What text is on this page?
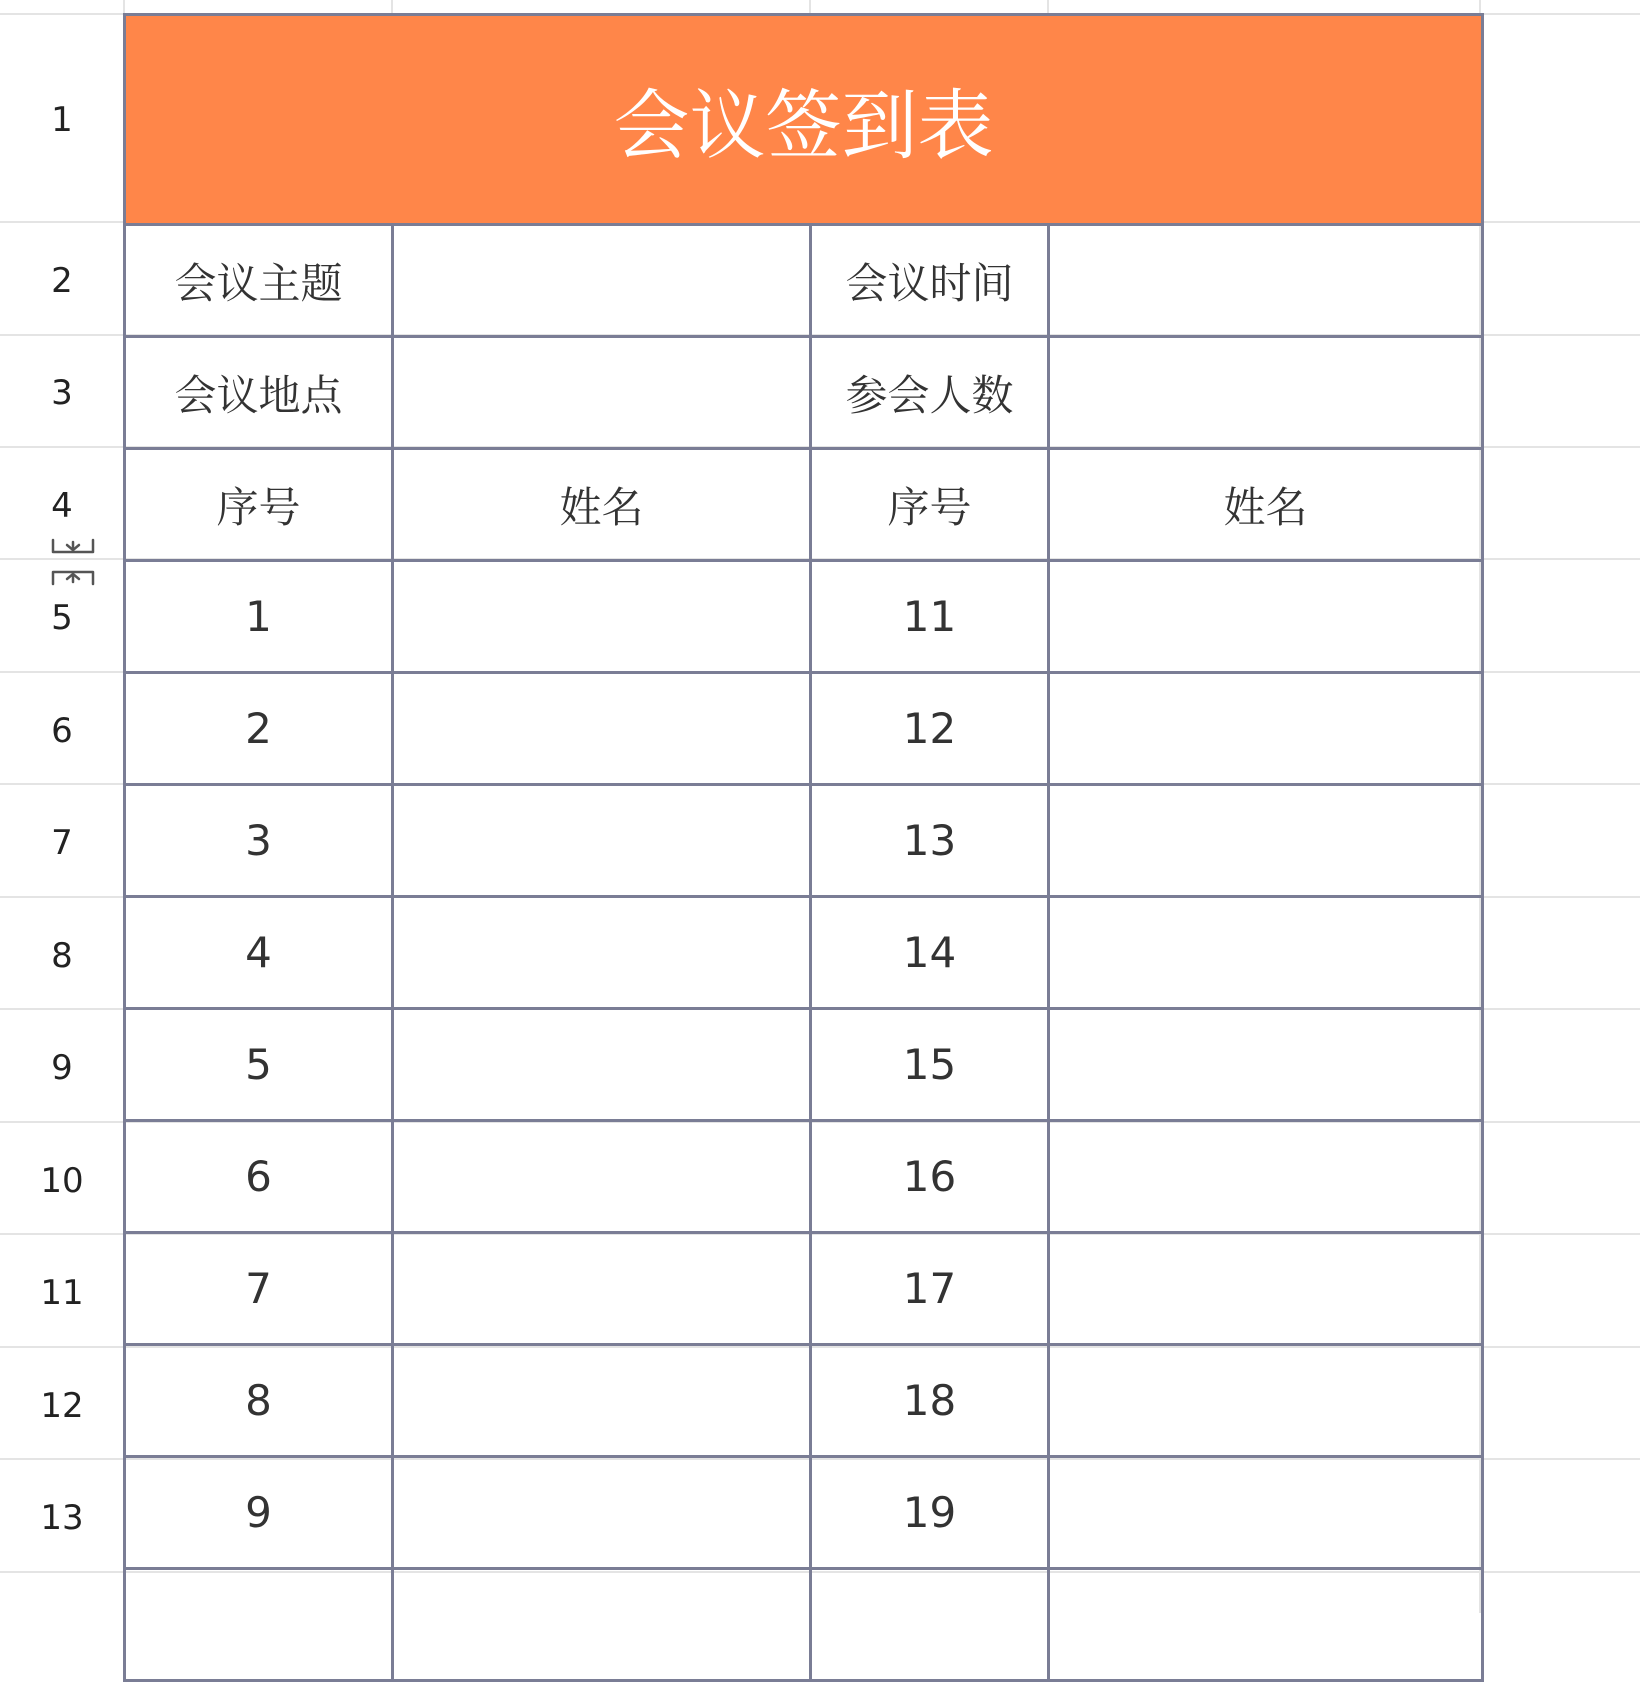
1
2
3
4
5
6
7
8
9
10
11
12
13
会议签到表			
会议主题		会议时间	
会议地点		参会人数	
序号	姓名	序号	姓名
1		11	
2		12	
3		13	
4		14	
5		15	
6		16	
7		17	
8		18	
9		19	
